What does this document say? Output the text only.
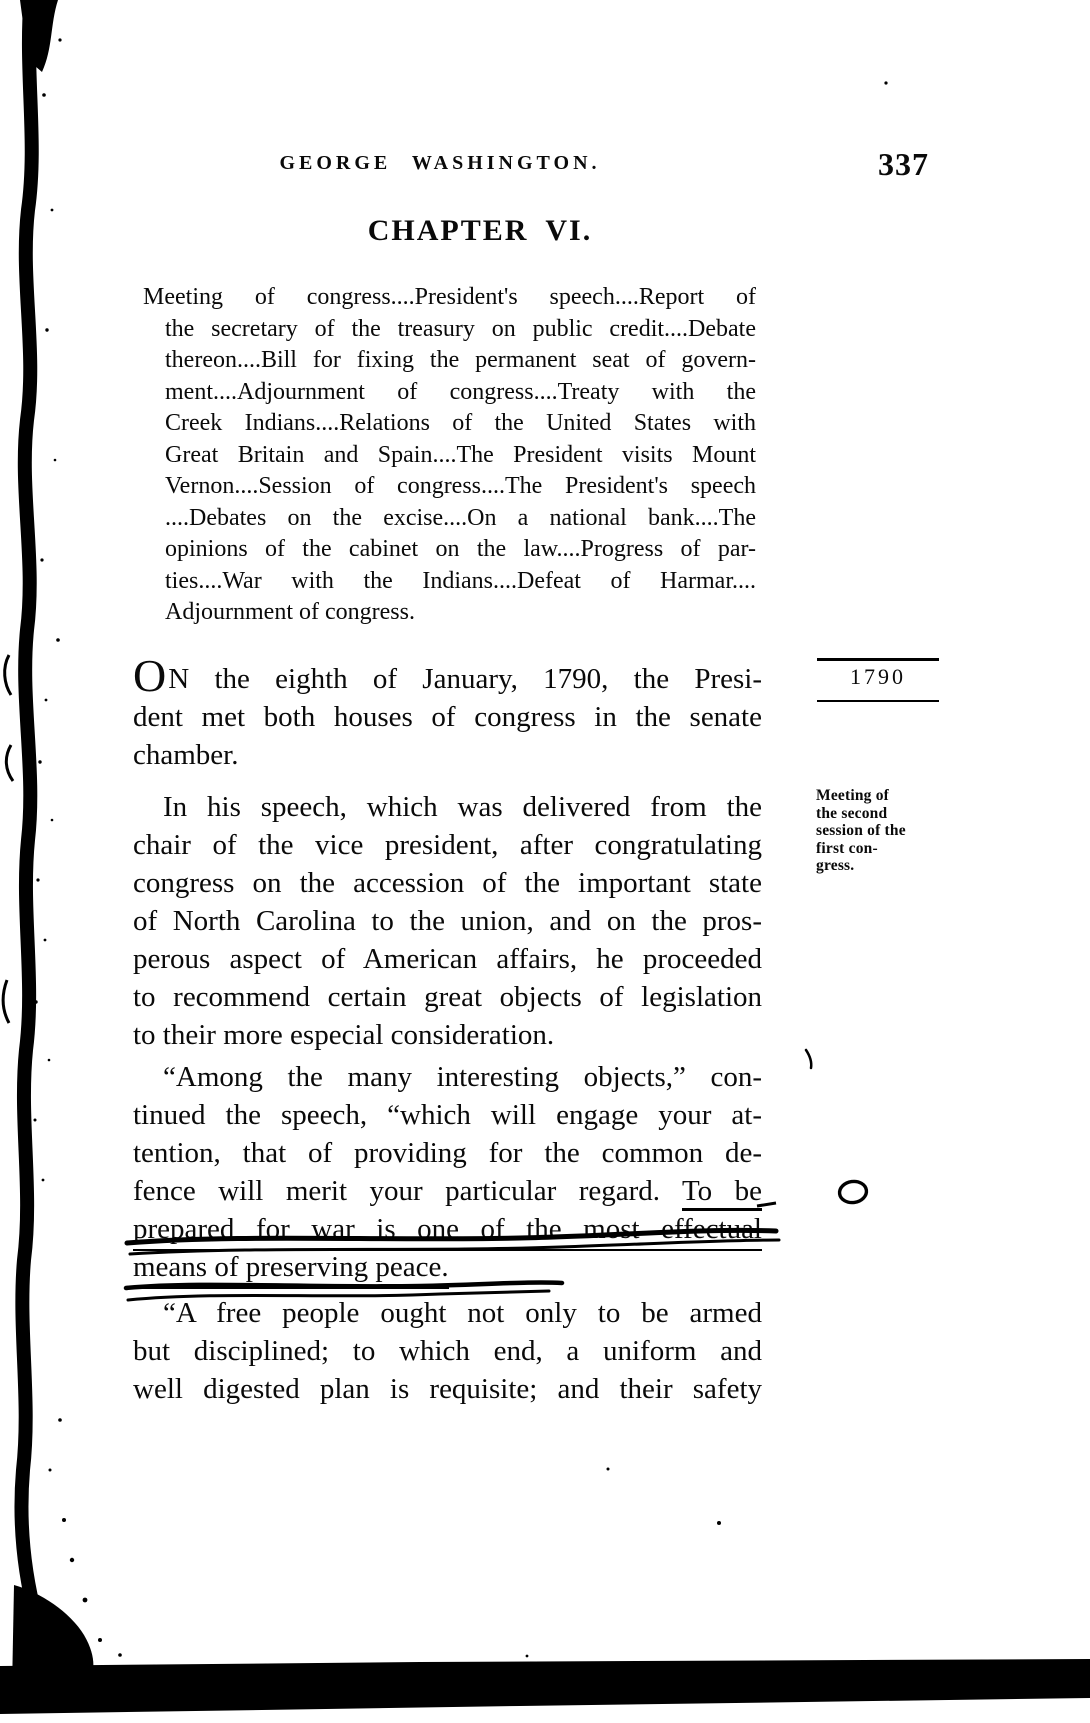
GEORGE WASHINGTON.	337
CHAPTER VI.
Meeting of congress....President's speech....Report of
the secretary of the treasury on public credit....Debate
thereon....Bill for fixing the permanent seat of govern-
ment....Adjournment of congress....Treaty with the
Creek Indians....Relations of the United States with
Great Britain and Spain....The President visits Mount
Vernon....Session of congress....The President's speech
....Debates on the excise....On a national bank....The
opinions of the cabinet on the law....Progress of par-
ties....War with the Indians....Defeat of Harmar....
Adjournment of congress.
ON the eighth of January, 1790, the Presi-
dent met both houses of congress in the senate
chamber.
In his speech, which was delivered from the
chair of the vice president, after congratulating
congress on the accession of the important state
of North Carolina to the union, and on the pros-
perous aspect of American affairs, he proceeded
to recommend certain great objects of legislation
to their more especial consideration.
“Among the many interesting objects,” con-
tinued the speech, “which will engage your at-
tention, that of providing for the common de-
fence will merit your particular regard. To be
prepared for war is one of the most effectual
means of preserving peace.
“A free people ought not only to be armed
but disciplined; to which end, a uniform and
well digested plan is requisite; and their safety
1790
Meeting of
the second
session of the
first con-
gress.
